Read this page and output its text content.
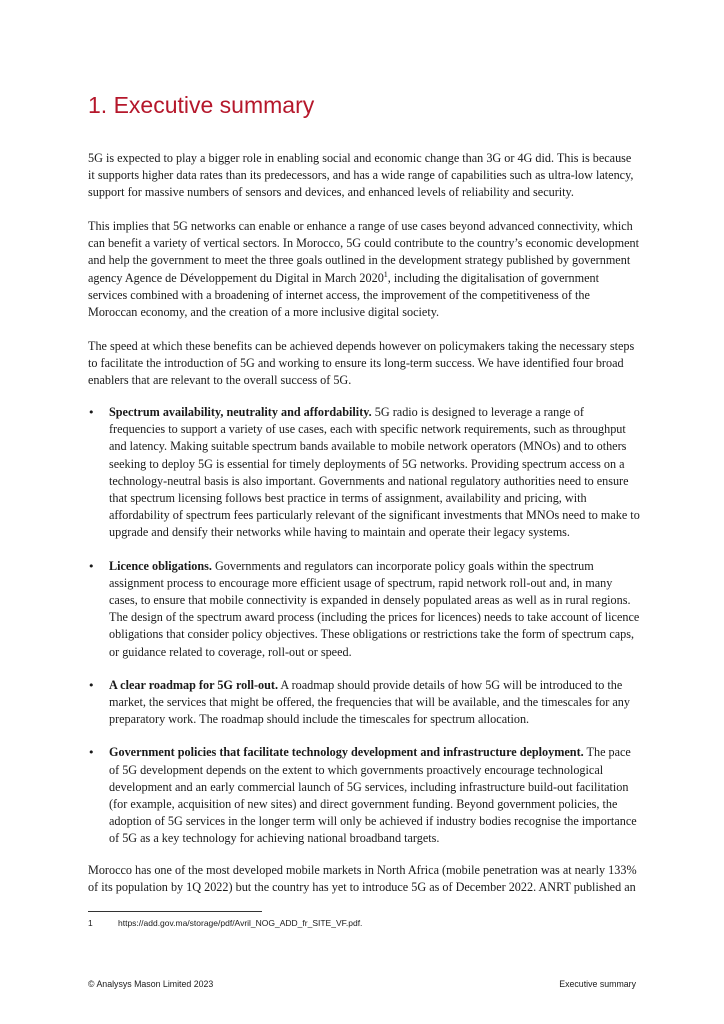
1. Executive summary

5G is expected to play a bigger role in enabling social and economic change than 3G or 4G did. This is because it supports higher data rates than its predecessors, and has a wide range of capabilities such as ultra-low latency, support for massive numbers of sensors and devices, and enhanced levels of reliability and security.

This implies that 5G networks can enable or enhance a range of use cases beyond advanced connectivity, which can benefit a variety of vertical sectors. In Morocco, 5G could contribute to the country’s economic development and help the government to meet the three goals outlined in the development strategy published by government agency Agence de Développement du Digital in March 2020$^1$, including the digitalisation of government services combined with a broadening of internet access, the improvement of the competitiveness of the Moroccan economy, and the creation of a more inclusive digital society.

The speed at which these benefits can be achieved depends however on policymakers taking the necessary steps to facilitate the introduction of 5G and working to ensure its long-term success. We have identified four broad enablers that are relevant to the overall success of 5G.

•	Spectrum availability, neutrality and affordability. 5G radio is designed to leverage a range of frequencies to support a variety of use cases, each with specific network requirements, such as throughput and latency. Making suitable spectrum bands available to mobile network operators (MNOs) and to others seeking to deploy 5G is essential for timely deployments of 5G networks. Providing spectrum access on a technology-neutral basis is also important. Governments and national regulatory authorities need to ensure that spectrum licensing follows best practice in terms of assignment, availability and pricing, with affordability of spectrum fees particularly relevant of the significant investments that MNOs need to make to upgrade and densify their networks while having to maintain and operate their legacy systems.
•	Licence obligations. Governments and regulators can incorporate policy goals within the spectrum assignment process to encourage more efficient usage of spectrum, rapid network roll-out and, in many cases, to ensure that mobile connectivity is expanded in densely populated areas as well as in rural regions. The design of the spectrum award process (including the prices for licences) needs to take account of licence obligations that consider policy objectives. These obligations or restrictions take the form of spectrum caps, or guidance related to coverage, roll-out or speed.
•	A clear roadmap for 5G roll-out. A roadmap should provide details of how 5G will be introduced to the market, the services that might be offered, the frequencies that will be available, and the timescales for any preparatory work. The roadmap should include the timescales for spectrum allocation.
•	Government policies that facilitate technology development and infrastructure deployment. The pace of 5G development depends on the extent to which governments proactively encourage technological development and an early commercial launch of 5G services, including infrastructure build-out facilitation (for example, acquisition of new sites) and direct government funding. Beyond government policies, the adoption of 5G services in the longer term will only be achieved if industry bodies recognise the importance of 5G as a key technology for achieving national broadband targets.

Morocco has one of the most developed mobile markets in North Africa (mobile penetration was at nearly 133% of its population by 1Q 2022) but the country has yet to introduce 5G as of December 2022. ANRT published an

1	https://add.gov.ma/storage/pdf/Avril_NOG_ADD_fr_SITE_VF.pdf.
© Analysys Mason Limited 2023	Executive summary
